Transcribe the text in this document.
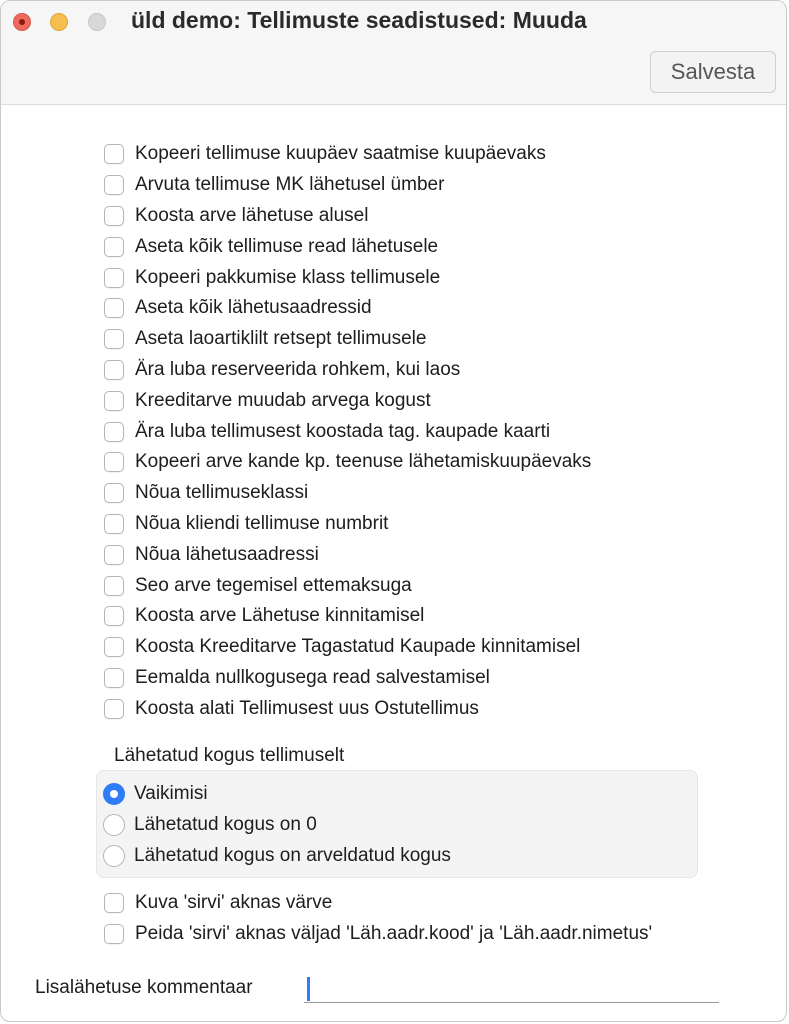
üld demo: Tellimuste seadistused: Muuda
Salvesta
Kopeeri tellimuse kuupäev saatmise kuupäevaks
Arvuta tellimuse MK lähetusel ümber
Koosta arve lähetuse alusel
Aseta kõik tellimuse read lähetusele
Kopeeri pakkumise klass tellimusele
Aseta kõik lähetusaadressid
Aseta laoartiklilt retsept tellimusele
Ära luba reserveerida rohkem, kui laos
Kreeditarve muudab arvega kogust
Ära luba tellimusest koostada tag. kaupade kaarti
Kopeeri arve kande kp. teenuse lähetamiskuupäevaks
Nõua tellimuseklassi
Nõua kliendi tellimuse numbrit
Nõua lähetusaadressi
Seo arve tegemisel ettemaksuga
Koosta arve Lähetuse kinnitamisel
Koosta Kreeditarve Tagastatud Kaupade kinnitamisel
Eemalda nullkogusega read salvestamisel
Koosta alati Tellimusest uus Ostutellimus
Lähetatud kogus tellimuselt
Vaikimisi
Lähetatud kogus on 0
Lähetatud kogus on arveldatud kogus
Kuva 'sirvi' aknas värve
Peida 'sirvi' aknas väljad 'Läh.aadr.kood' ja 'Läh.aadr.nimetus'
Lisalähetuse kommentaar
